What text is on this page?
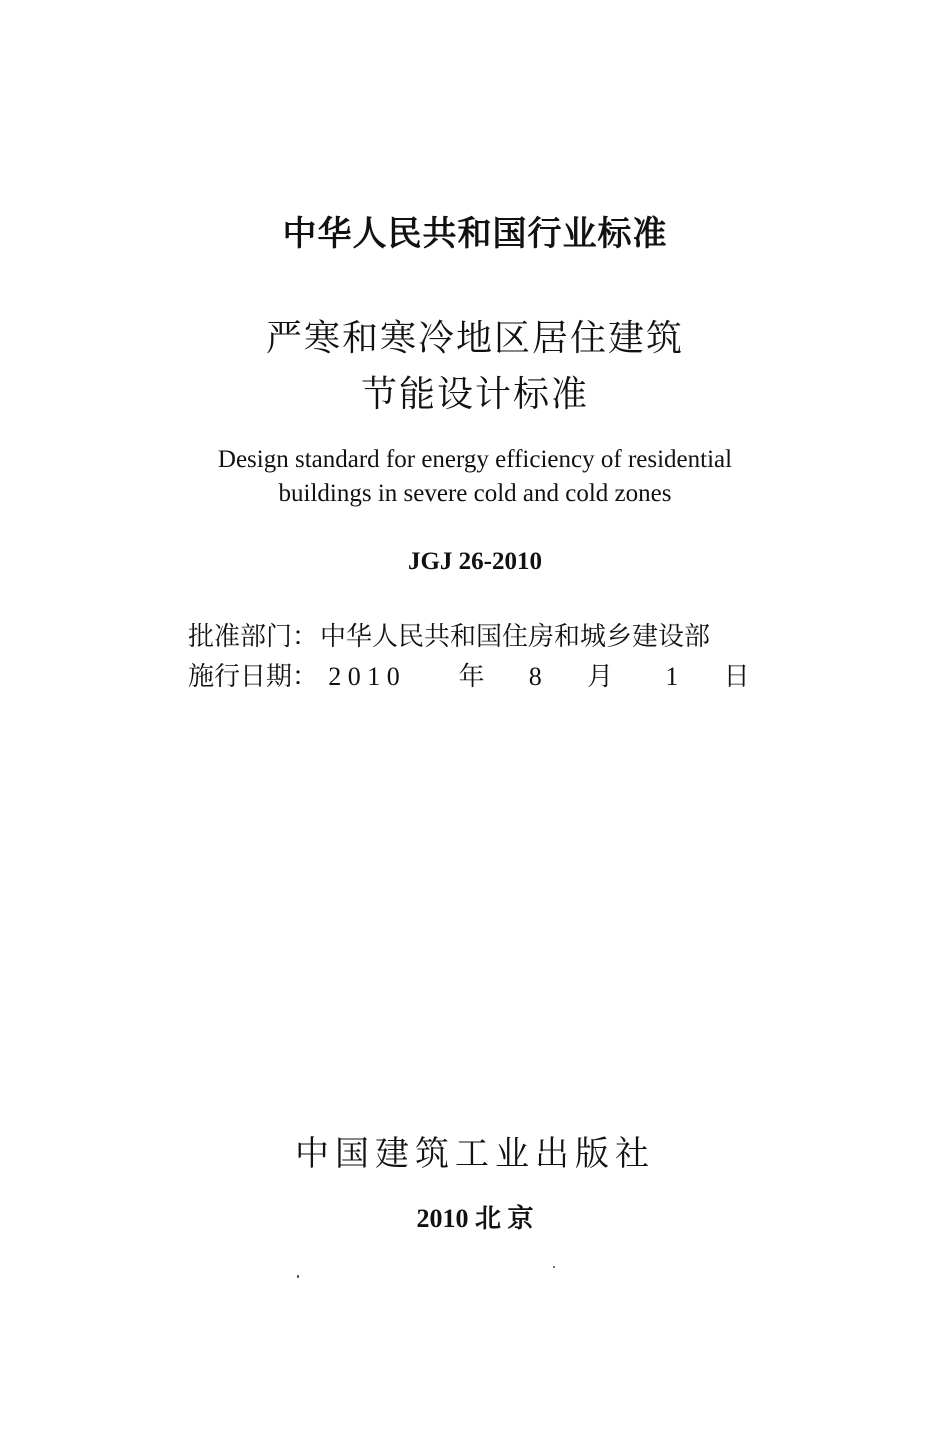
中华人民共和国行业标准
严寒和寒冷地区居住建筑
节能设计标准
Design standard for energy efficiency of residential
buildings in severe cold and cold zones
JGJ 26-2010
批准部门：中华人民共和国住房和城乡建设部
施行日期： 2 0 1 0 年 8 月 1 日
中国建筑工业出版社
2010 北 京
